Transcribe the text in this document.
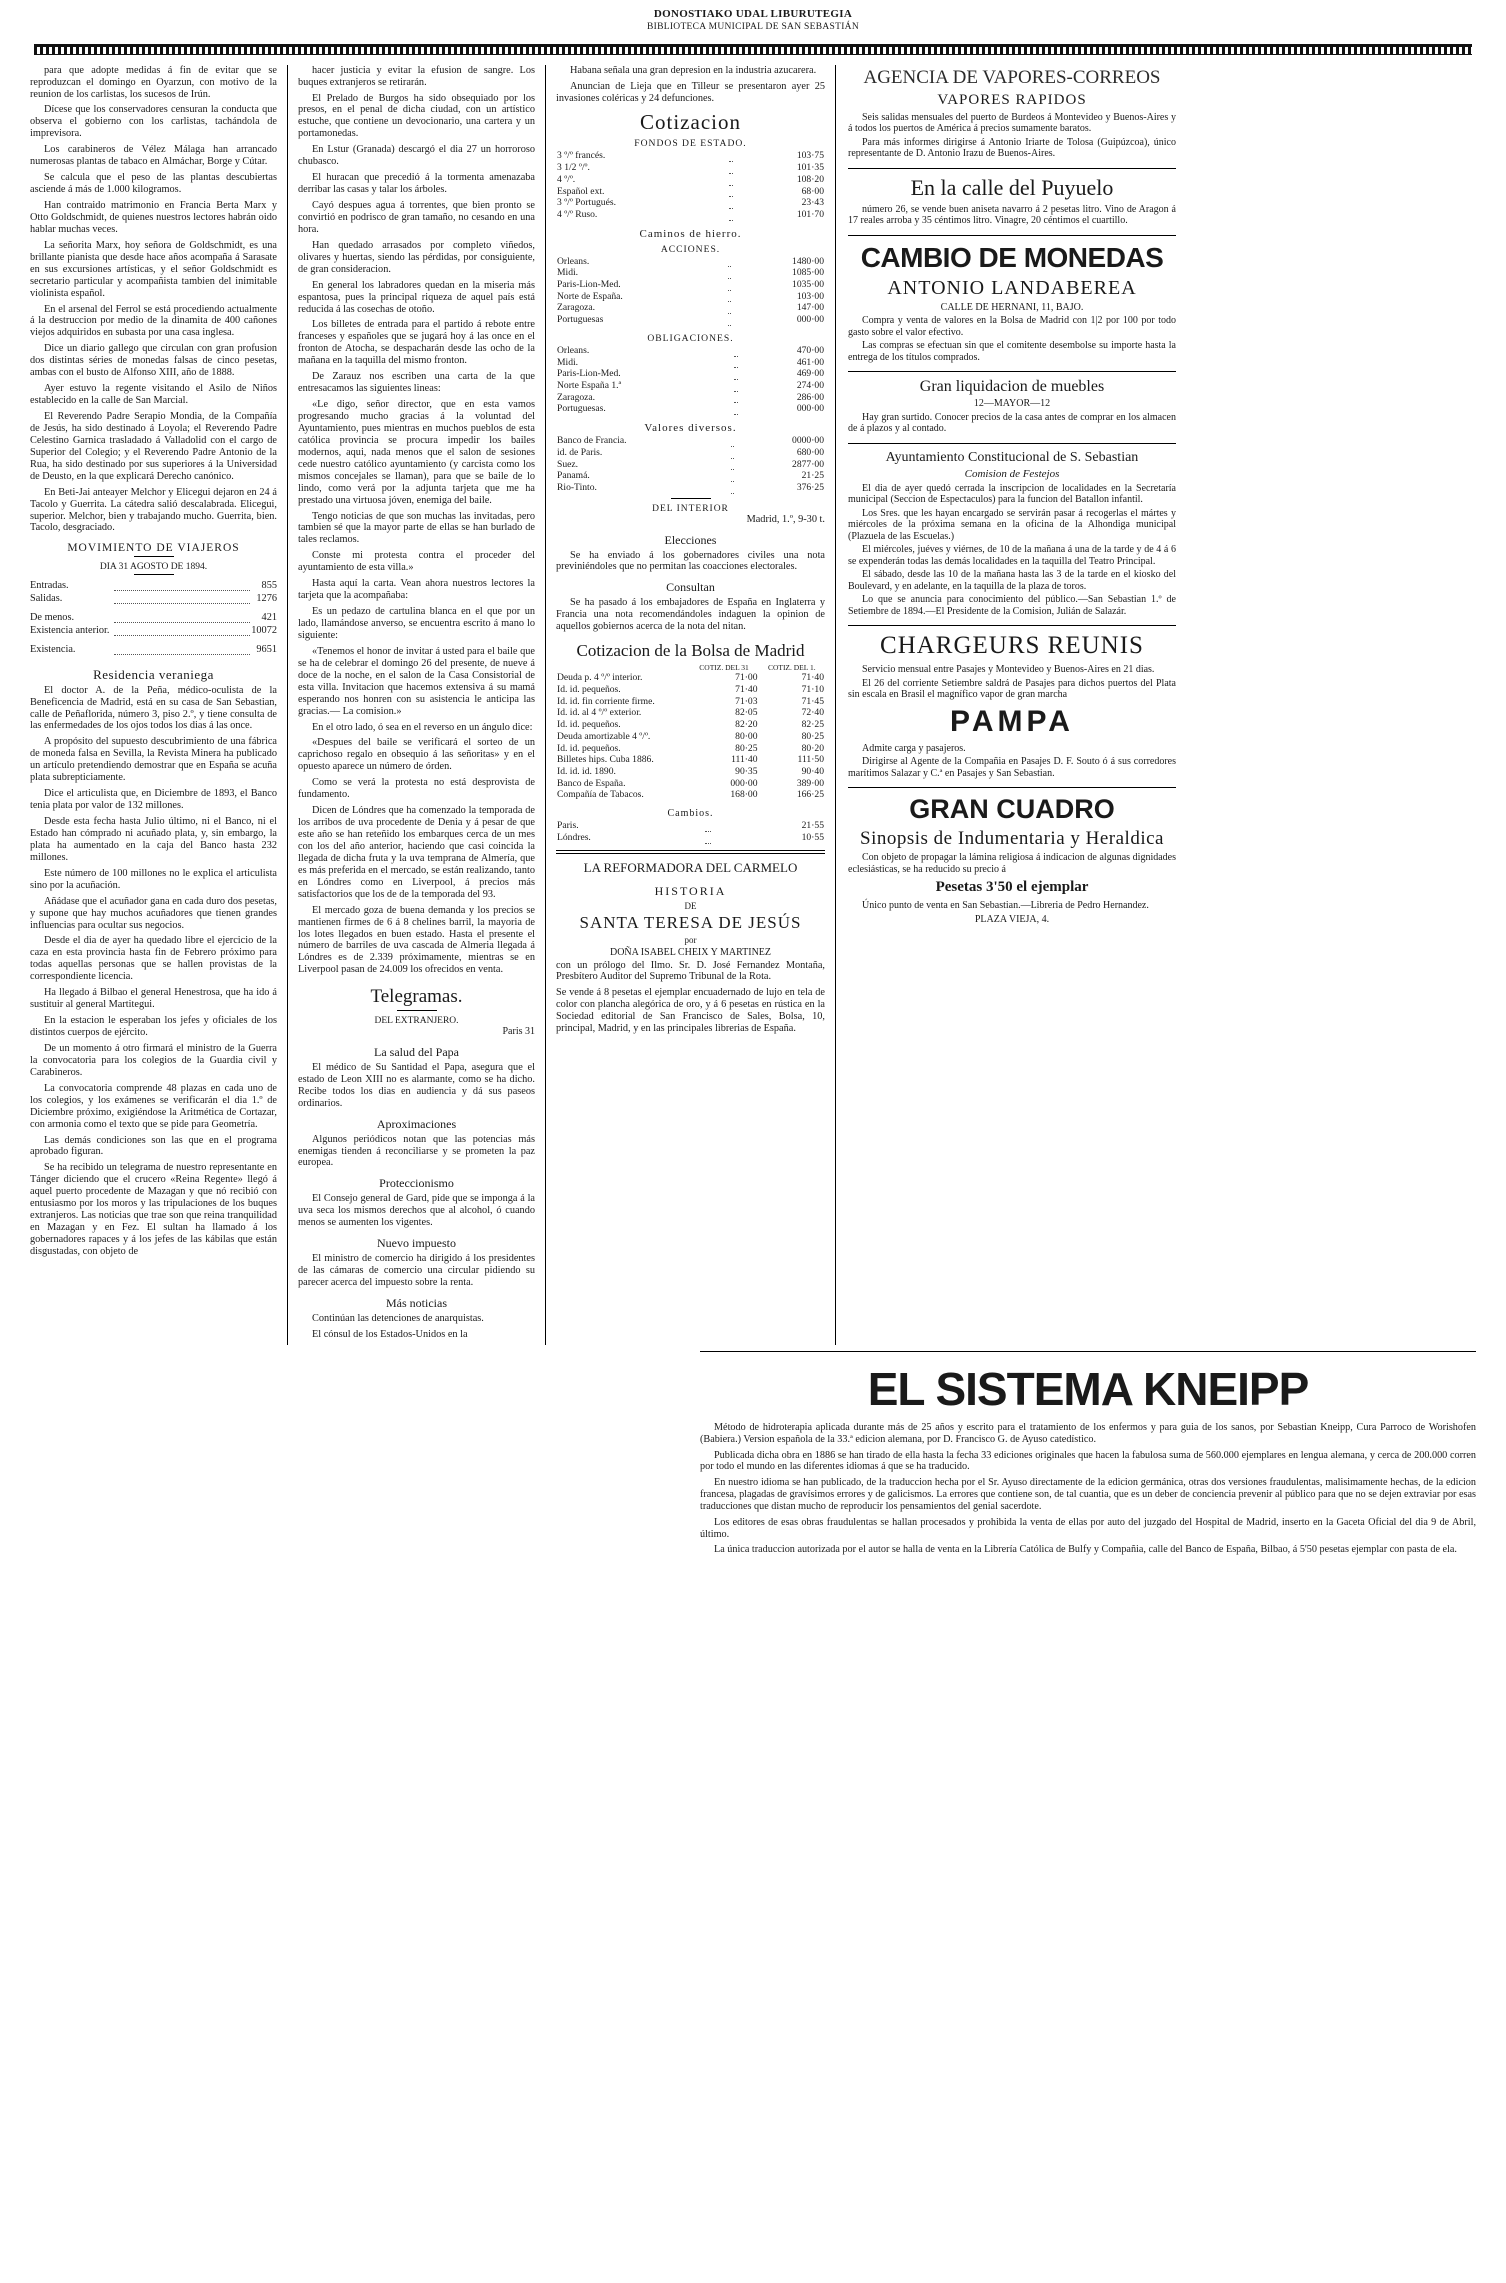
DONOSTIAKO UDAL LIBURUTEGIA
BIBLIOTECA MUNICIPAL DE SAN SEBASTIÁN

para que adopte medidas á fin de evitar que se reproduzcan el domingo en Oyarzun, con motivo de la reunion de los carlistas, los sucesos de Irún.

Dícese que los conservadores censuran la conducta que observa el gobierno con los carlistas, tachándola de imprevisora.

Los carabineros de Vélez Málaga han arrancado numerosas plantas de tabaco en Almáchar, Borge y Cútar.

Se calcula que el peso de las plantas descubiertas asciende á más de 1.000 kilogramos.

Han contraido matrimonio en Francia Berta Marx y Otto Goldschmidt, de quienes nuestros lectores habrán oido hablar muchas veces.

La señorita Marx, hoy señora de Goldschmidt, es una brillante pianista que desde hace años acompaña á Sarasate en sus excursiones artísticas, y el señor Goldschmidt es secretario particular y acompañista tambien del inimitable violinista español.

En el arsenal del Ferrol se está procediendo actualmente á la destruccion por medio de la dinamita de 400 cañones viejos adquiridos en subasta por una casa inglesa.

Dice un diario gallego que circulan con gran profusion dos distintas séries de monedas falsas de cinco pesetas, ambas con el busto de Alfonso XIII, año de 1888.

Ayer estuvo la regente visitando el Asilo de Niños establecido en la calle de San Marcial.

El Reverendo Padre Serapio Mondia, de la Compañía de Jesús, ha sido destinado á Loyola; el Reverendo Padre Celestino Garnica trasladado á Valladolid con el cargo de Superior del Colegio; y el Reverendo Padre Antonio de la Rua, ha sido destinado por sus superiores á la Universidad de Deusto, en la que explicará Derecho canónico.

En Beti-Jai anteayer Melchor y Elicegui dejaron en 24 á Tacolo y Guerrita. La cátedra salió descalabrada. Elicegui, superior. Melchor, bien y trabajando mucho. Guerrita, bien. Tacolo, desgraciado.

MOVIMIENTO DE VIAJEROS
DIA 31 AGOSTO DE 1894.
Entradas.		855
Salidas.		1276

De menos.		421
Existencia anterior.		10072

Existencia.		9651
Residencia veraniega

El doctor A. de la Peña, médico-oculista de la Beneficencia de Madrid, está en su casa de San Sebastian, calle de Peñaflorida, número 3, piso 2.º, y tiene consulta de las enfermedades de los ojos todos los dias á las once.

A propósito del supuesto descubrimiento de una fábrica de moneda falsa en Sevilla, la Revista Minera ha publicado un artículo pretendiendo demostrar que en España se acuña plata subrepticiamente.

Dice el articulista que, en Diciembre de 1893, el Banco tenia plata por valor de 132 millones.

Desde esta fecha hasta Julio último, ni el Banco, ni el Estado han cómprado ni acuñado plata, y, sin embargo, la plata ha aumentado en la caja del Banco hasta 232 millones.

Este número de 100 millones no le explica el articulista sino por la acuñación.

Añádase que el acuñador gana en cada duro dos pesetas, y supone que hay muchos acuñadores que tienen grandes influencias para ocultar sus negocios.

Desde el dia de ayer ha quedado libre el ejercicio de la caza en esta provincia hasta fin de Febrero próximo para todas aquellas personas que se hallen provistas de la correspondiente licencia.

Ha llegado á Bilbao el general Henestrosa, que ha ido á sustituir al general Martitegui.

En la estacion le esperaban los jefes y oficiales de los distintos cuerpos de ejército.

De un momento á otro firmará el ministro de la Guerra la convocatoria para los colegios de la Guardia civil y Carabineros.

La convocatoria comprende 48 plazas en cada uno de los colegios, y los exámenes se verificarán el dia 1.º de Diciembre próximo, exigiéndose la Aritmética de Cortazar, con armonia como el texto que se pide para Geometría.

Las demás condiciones son las que en el programa aprobado figuran.

Se ha recibido un telegrama de nuestro representante en Tánger diciendo que el crucero «Reina Regente» llegó á aquel puerto procedente de Mazagan y que nó recibió con entusiasmo por los moros y las tripulaciones de los buques extranjeros. Las noticias que trae son que reina tranquilidad en Mazagan y en Fez. El sultan ha llamado á los gobernadores rapaces y á los jefes de las kábilas que están disgustadas, con objeto de

hacer justicia y evitar la efusion de sangre. Los buques extranjeros se retirarán.

El Prelado de Burgos ha sido obsequiado por los presos, en el penal de dicha ciudad, con un artístico estuche, que contiene un devocionario, una cartera y un portamonedas.

En Lstur (Granada) descargó el dia 27 un horroroso chubasco.

El huracan que precedió á la tormenta amenazaba derribar las casas y talar los árboles.

Cayó despues agua á torrentes, que bien pronto se convirtió en podrisco de gran tamaño, no cesando en una hora.

Han quedado arrasados por completo viñedos, olivares y huertas, siendo las pérdidas, por consiguiente, de gran consideracion.

En general los labradores quedan en la miseria más espantosa, pues la principal riqueza de aquel país está reducida á las cosechas de otoño.

Los billetes de entrada para el partido á rebote entre franceses y españoles que se jugará hoy á las once en el fronton de Atocha, se despacharán desde las ocho de la mañana en la taquilla del mismo fronton.

De Zarauz nos escriben una carta de la que entresacamos las siguientes lineas:

«Le digo, señor director, que en esta vamos progresando mucho gracias á la voluntad del Ayuntamiento, pues mientras en muchos pueblos de esta católica provincia se procura impedir los bailes modernos, aqui, nada menos que el salon de sesiones cede nuestro católico ayuntamiento (y carcista como los mismos concejales se llaman), para que se baile de lo lindo, como verá por la adjunta tarjeta que me ha prestado una virtuosa jóven, enemiga del baile.

Tengo noticias de que son muchas las invitadas, pero tambien sé que la mayor parte de ellas se han burlado de tales reclamos.

Conste mi protesta contra el proceder del ayuntamiento de esta villa.»

Hasta aquí la carta. Vean ahora nuestros lectores la tarjeta que la acompañaba:

Es un pedazo de cartulina blanca en el que por un lado, llamándose anverso, se encuentra escrito á mano lo siguiente:

«Tenemos el honor de invitar á usted para el baile que se ha de celebrar el domingo 26 del presente, de nueve á doce de la noche, en el salon de la Casa Consistorial de esta villa. Invitacion que hacemos extensiva á su mamá esperando nos honren con su asistencia le anticipa las gracias.— La comision.»

En el otro lado, ó sea en el reverso en un ángulo dice:

«Despues del baile se verificará el sorteo de un caprichoso regalo en obsequio á las señoritas» y en el opuesto aparece un número de órden.

Como se verá la protesta no está desprovista de fundamento.

Dicen de Lóndres que ha comenzado la temporada de los arribos de uva procedente de Denia y á pesar de que este año se han reteñido los embarques cerca de un mes con los del año anterior, haciendo que casi coincida la llegada de dicha fruta y la uva temprana de Almería, que es más preferida en el mercado, se están realizando, tanto en Lóndres como en Liverpool, á precios más satisfactorios que los de de la temporada del 93.

El mercado goza de buena demanda y los precios se mantienen firmes de 6 á 8 chelines barril, la mayoria de los lotes llegados en buen estado. Hasta el presente el número de barriles de uva cascada de Almeria llegada á Lóndres es de 2.339 próximamente, mientras se en Liverpool pasan de 24.009 los ofrecidos en venta.

Telegramas.
DEL EXTRANJERO.

Paris 31

La salud del Papa

El médico de Su Santidad el Papa, asegura que el estado de Leon XIII no es alarmante, como se ha dicho. Recibe todos los dias en audiencia y dá sus paseos ordinarios.

Aproximaciones

Algunos periódicos notan que las potencias más enemigas tienden á reconciliarse y se prometen la paz europea.

Proteccionismo

El Consejo general de Gard, pide que se imponga á la uva seca los mismos derechos que al alcohol, ó cuando menos se aumenten los vigentes.

Nuevo impuesto

El ministro de comercio ha dirigido á los presidentes de las cámaras de comercio una circular pidiendo su parecer acerca del impuesto sobre la renta.

Más noticias

Continúan las detenciones de anarquistas.

El cónsul de los Estados-Unidos en la

Habana señala una gran depresion en la industria azucarera.

Anuncian de Lieja que en Tilleur se presentaron ayer 25 invasiones coléricas y 24 defunciones.

Cotizacion
FONDOS DE ESTADO.
3 º/º francés.		103·75
3 1/2 º/º.		101·35
4 º/º.		108·20
Español ext.		68·00
3 º/º Portugués.		23·43
4 º/º Ruso.		101·70
Caminos de hierro.
ACCIONES.
Orleans.		1480·00
Midi.		1085·00
Paris-Lion-Med.		1035·00
Norte de España.		103·00
Zaragoza.		147·00
Portuguesas		000·00
OBLIGACIONES.
Orleans.		470·00
Midi.		461·00
Paris-Lion-Med.		469·00
Norte España 1.ª		274·00
Zaragoza.		286·00
Portuguesas.		000·00
Valores diversos.
Banco de Francia.		0000·00
id. de Paris.		680·00
Suez.		2877·00
Panamá.		21·25
Rio-Tinto.		376·25
DEL INTERIOR

Madrid, 1.º, 9-30 t.

Elecciones

Se ha enviado á los gobernadores civiles una nota previniéndoles que no permitan las coacciones electorales.

Consultan

Se ha pasado á los embajadores de España en Inglaterra y Francia una nota recomendándoles indaguen la opinion de aquellos gobiernos acerca de la nota del nitan.

Cotizacion de la Bolsa de Madrid
	COTIZ. DEL 31	COTIZ. DEL 1.
Deuda p. 4 º/º interior.	71·00	71·40
Id. id. pequeños.	71·40	71·10
Id. id. fin corriente firme.	71·03	71·45
Id. id. al 4 º/º exterior.	82·05	72·40
Id. id. pequeños.	82·20	82·25
Deuda amortizable 4 º/º.	80·00	80·25
Id. id. pequeños.	80·25	80·20
Billetes hips. Cuba 1886.	111·40	111·50
Id. id. id. 1890.	90·35	90·40
Banco de España.	000·00	389·00
Compañía de Tabacos.	168·00	166·25
Cambios.
Paris.		21·55
Lóndres.		10·55
LA REFORMADORA DEL CARMELO
HISTORIA
DE
SANTA TERESA DE JESÚS
por
DOÑA ISABEL CHEIX Y MARTINEZ

con un prólogo del Ilmo. Sr. D. José Fernandez Montaña, Presbítero Auditor del Supremo Tribunal de la Rota.

Se vende á 8 pesetas el ejemplar encuadernado de lujo en tela de color con plancha alegórica de oro, y á 6 pesetas en rústica en la Sociedad editorial de San Francisco de Sales, Bolsa, 10, principal, Madrid, y en las principales librerias de España.

AGENCIA DE VAPORES-CORREOS
VAPORES RAPIDOS

Seis salidas mensuales del puerto de Burdeos á Montevideo y Buenos-Aires y á todos los puertos de América á precios sumamente baratos.

Para más informes dirigirse á Antonio Iriarte de Tolosa (Guipúzcoa), único representante de D. Antonio Irazu de Buenos-Aires.

En la calle del Puyuelo

número 26, se vende buen aniseta navarro á 2 pesetas litro. Vino de Aragon á 17 reales arroba y 35 céntimos litro. Vinagre, 20 céntimos el cuartillo.

CAMBIO DE MONEDAS
ANTONIO LANDABEREA
CALLE DE HERNANI, 11, BAJO.

Compra y venta de valores en la Bolsa de Madrid con 1|2 por 100 por todo gasto sobre el valor efectivo.

Las compras se efectuan sin que el comitente desembolse su importe hasta la entrega de los títulos comprados.

Gran liquidacion de muebles
12—MAYOR—12

Hay gran surtido. Conocer precios de la casa antes de comprar en los almacen de á plazos y al contado.

Ayuntamiento Constitucional de S. Sebastian
Comision de Festejos

El dia de ayer quedó cerrada la inscripcion de localidades en la Secretaría municipal (Seccion de Espectaculos) para la funcion del Batallon infantil.

Los Sres. que les hayan encargado se servirán pasar á recogerlas el mártes y miércoles de la próxima semana en la oficina de la Alhondiga municipal (Plazuela de las Escuelas.)

El miércoles, juéves y viérnes, de 10 de la mañana á una de la tarde y de 4 á 6 se expenderán todas las demás localidades en la taquilla del Teatro Principal.

El sábado, desde las 10 de la mañana hasta las 3 de la tarde en el kiosko del Boulevard, y en adelante, en la taquilla de la plaza de toros.

Lo que se anuncia para conocimiento del público.—San Sebastian 1.º de Setiembre de 1894.—El Presidente de la Comision, Julián de Salazár.

CHARGEURS REUNIS

Servicio mensual entre Pasajes y Montevideo y Buenos-Aires en 21 dias.

El 26 del corriente Setiembre saldrá de Pasajes para dichos puertos del Plata sin escala en Brasil el magnífico vapor de gran marcha

PAMPA

Admite carga y pasajeros.

Dirigirse al Agente de la Compañia en Pasajes D. F. Souto ó á sus corredores marítimos Salazar y C.ª en Pasajes y San Sebastian.

GRAN CUADRO
Sinopsis de Indumentaria y Heraldica

Con objeto de propagar la lámina religiosa á indicacion de algunas dignidades eclesiásticas, se ha reducido su precio á

Pesetas 3'50 el ejemplar

Único punto de venta en San Sebastian.—Libreria de Pedro Hernandez.

PLAZA VIEJA, 4.
EL SISTEMA KNEIPP

Método de hidroterapia aplicada durante más de 25 años y escrito para el tratamiento de los enfermos y para guia de los sanos, por Sebastian Kneipp, Cura Parroco de Worishofen (Babiera.) Version española de la 33.ª edicion alemana, por D. Francisco G. de Ayuso catedístico.

Publicada dicha obra en 1886 se han tirado de ella hasta la fecha 33 ediciones originales que hacen la fabulosa suma de 560.000 ejemplares en lengua alemana, y cerca de 200.000 corren por todo el mundo en las diferentes idiomas á que se ha traducido.

En nuestro idioma se han publicado, de la traduccion hecha por el Sr. Ayuso directamente de la edicion germánica, otras dos versiones fraudulentas, malisimamente hechas, de la edicion francesa, plagadas de gravísimos errores y de galicismos. La errores que contiene son, de tal cuantia, que es un deber de conciencia prevenir al público para que no se dejen extraviar por esas traducciones que distan mucho de reproducir los pensamientos del genial sacerdote.

Los editores de esas obras fraudulentas se hallan procesados y prohibida la venta de ellas por auto del juzgado del Hospital de Madrid, inserto en la Gaceta Oficial del dia 9 de Abril, último.

La única traduccion autorizada por el autor se halla de venta en la Librería Católica de Bulfy y Compañia, calle del Banco de España, Bilbao, á 5'50 pesetas ejemplar con pasta de ela.
